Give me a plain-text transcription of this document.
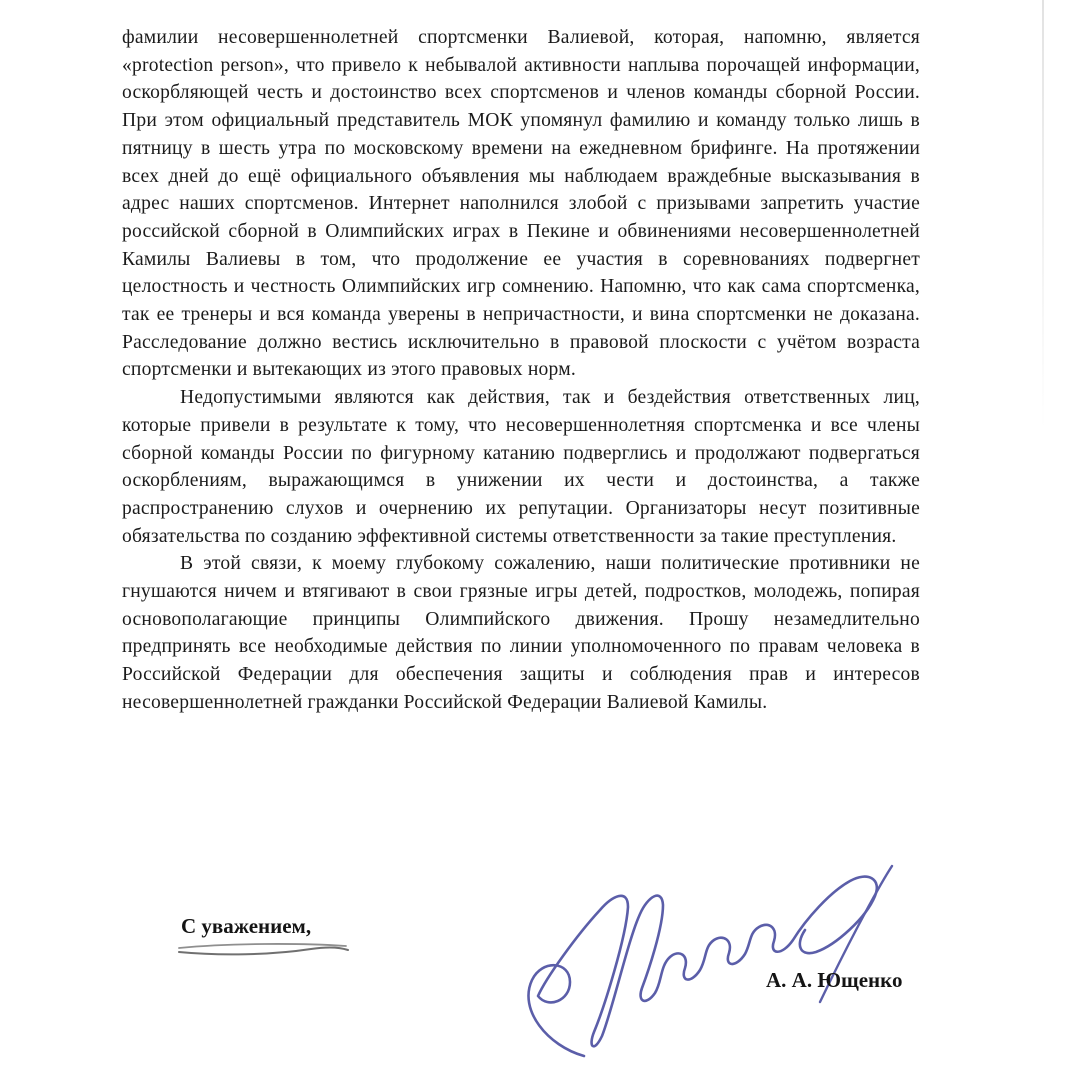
фамилии несовершеннолетней спортсменки Валиевой, которая, напомню, является «protection person», что привело к небывалой активности наплыва порочащей информации, оскорбляющей честь и достоинство всех спортсменов и членов команды сборной России. При этом официальный представитель МОК упомянул фамилию и команду только лишь в пятницу в шесть утра по московскому времени на ежедневном брифинге. На протяжении всех дней до ещё официального объявления мы наблюдаем враждебные высказывания в адрес наших спортсменов. Интернет наполнился злобой с призывами запретить участие российской сборной в Олимпийских играх в Пекине и обвинениями несовершеннолетней Камилы Валиевы в том, что продолжение ее участия в соревнованиях подвергнет целостность и честность Олимпийских игр сомнению. Напомню, что как сама спортсменка, так ее тренеры и вся команда уверены в непричастности, и вина спортсменки не доказана. Расследование должно вестись исключительно в правовой плоскости с учётом возраста спортсменки и вытекающих из этого правовых норм.

Недопустимыми являются как действия, так и бездействия ответственных лиц, которые привели в результате к тому, что несовершеннолетняя спортсменка и все члены сборной команды России по фигурному катанию подверглись и продолжают подвергаться оскорблениям, выражающимся в унижении их чести и достоинства, а также распространению слухов и очернению их репутации. Организаторы несут позитивные обязательства по созданию эффективной системы ответственности за такие преступления.

В этой связи, к моему глубокому сожалению, наши политические противники не гнушаются ничем и втягивают в свои грязные игры детей, подростков, молодежь, попирая основополагающие принципы Олимпийского движения. Прошу незамедлительно предпринять все необходимые действия по линии уполномоченного по правам человека в Российской Федерации для обеспечения защиты и соблюдения прав и интересов несовершеннолетней гражданки Российской Федерации Валиевой Камилы.

С уважением,
А. А. Ющенко
